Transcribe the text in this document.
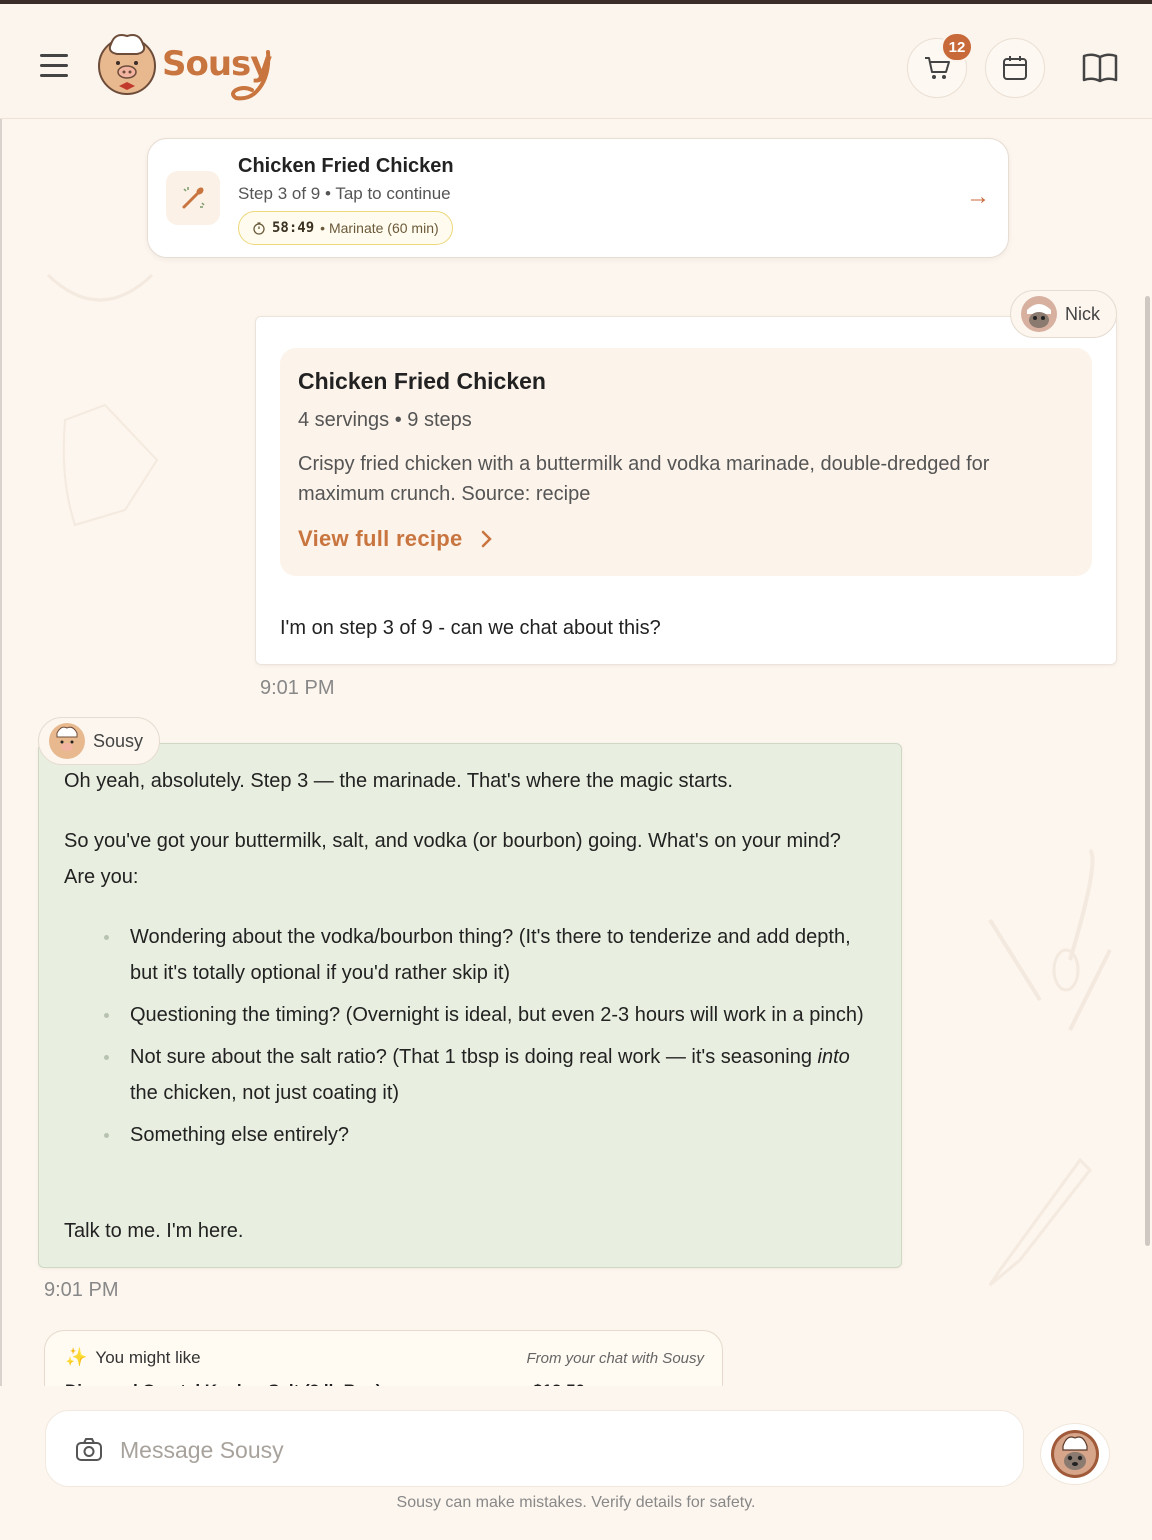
Sousy	12
Chicken Fried Chicken
Step 3 of 9 • Tap to continue
58:49 • Marinate (60 min)
→
Chicken Fried Chicken
4 servings • 9 steps
Crispy fried chicken with a buttermilk and vodka marinade, double-dredged for maximum crunch. Source: recipe
View full recipe
I'm on step 3 of 9 - can we chat about this?
Nick
9:01 PM
Oh yeah, absolutely. Step 3 — the marinade. That's where the magic starts.
So you've got your buttermilk, salt, and vodka (or bourbon) going. What's on your mind? Are you:
Wondering about the vodka/bourbon thing? (It's there to tenderize and add depth, but it's totally optional if you'd rather skip it)
Questioning the timing? (Overnight is ideal, but even 2-3 hours will work in a pinch)
Not sure about the salt ratio? (That 1 tbsp is doing real work — it's seasoning into the chicken, not just coating it)
Something else entirely?
Talk to me. I'm here.
Sousy
9:01 PM
✨ You might like	From your chat with Sousy
Message Sousy
Sousy can make mistakes. Verify details for safety.
